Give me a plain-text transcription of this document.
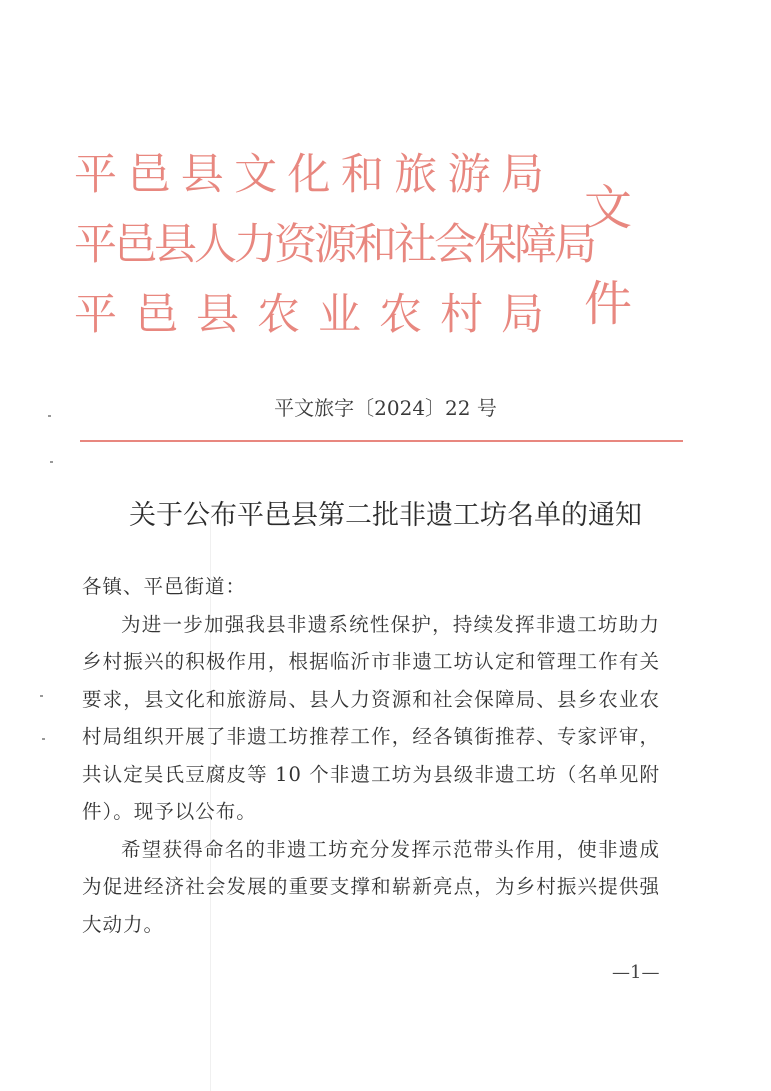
平 邑 县 文 化 和 旅 游 局
平邑县人力资源和社会保障局
平 邑 县 农 业 农 村 局
文
件
平文旅字〔2024〕22 号
关于公布平邑县第二批非遗工坊名单的通知

各镇、平邑街道：

为进一步加强我县非遗系统性保护，持续发挥非遗工坊助力乡村振兴的积极作用，根据临沂市非遗工坊认定和管理工作有关要求，县文化和旅游局、县人力资源和社会保障局、县乡农业农村局组织开展了非遗工坊推荐工作，经各镇街推荐、专家评审，共认定吴氏豆腐皮等 10 个非遗工坊为县级非遗工坊（名单见附件）。现予以公布。

希望获得命名的非遗工坊充分发挥示范带头作用，使非遗成为促进经济社会发展的重要支撑和崭新亮点，为乡村振兴提供强大动力。

—1—
